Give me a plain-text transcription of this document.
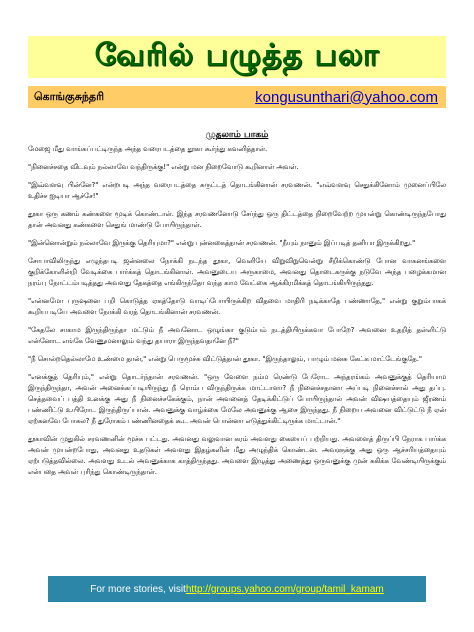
வேரில் பழுத்த பலா
கொங்குசுந்தரி	kongusunthari@yahoo.com
முதலாம் பாகம்

மேஜை மீது வாங்கப்பட்டிருந்த அந்த வரைபடத்தை தூகா கூர்ந்து கவனித்தாள்.

"நினைச்சதை விடவும் நல்லாவே வந்திருக்கு!" என்று மன நிறைவோடு கூறினாள் அவள்.

"இவ்வளவு பின்னே?" என்றபடி அந்த வரைபடத்தை சுருட்டத் தொடங்கினான் சரவணன். "எவ்வளவு செதுக்கினோம் முனைப்பிலே உதிச்ச ஐடியா ஆச்சே!"

தூகா ஒரு கணம் கண்களை மூடிக் கொண்டாள். இந்த சரவணனோடு சேர்ந்து ஒரு திட்டத்தை நிறைவேற்ற முயன்று கொண்டிருந்தபோது தான் அவனது கண்களை செதுங் மாண்டு போயிருந்தாள்.

"இன்னொன்றும் நல்லாவே இருக்கு தெரியுமா?" என்று புன்னகைத்தான் சரவணன். "நீயும் நானும் இப்படித் தனியா இருக்கிறது."

சோபாவிலிருந்து எழுந்தபடி ஜன்னலை நோக்கி நடந்த தூகா, வெளியே விறுவிறுவென்று சீறிக்கொண்டு போன வாகனங்களை குறிக்கோளின்றி வேடிக்கை பார்க்கத் தொடங்கினாள். அவனுடைய அருகாமை, அவனது தொடைகருக்கு நடுவே அந்த பழைக்கமான நரம்பு நோட்டம்படித்தது அவளது தேகத்தை எங்கிருந்தோ வந்த காம வேட்கை ஆக்கிரமிக்கத் தொடங்கியிருந்தது.

"என்னமோ புருஷனை பறி கொடுத்த ஏகத்தோடு வாடிப்போயிருக்கிற விதவை மாதிரி நடிக்காதே பண்ணாதே," என்று குறும்பாகக் கூறியபடியே அவளை நோக்கி வரத் தொடங்கினான் சரவணன்.

"கேதலே சாகாம இருந்திருந்தா மட்டும் நீ அவனோட ஒழுங்கா குடும்பம் நடத்தியிருக்கவா போறே? அவனை உதறித் தள்ளிட்டு என்னோட எங்கே வேணுமனாலும் வந்து தயாரா இருந்தவதானே நீ?"

"நீ சொல்றதெல்லாமே உண்மை தான்," என்று பெருமூச்சு விட்டுத்தான் தூகா. "இருந்தாலும், பாழும் மனசு கேட்க மாட்டேங்குதே."

"எனக்குத் தெரியும்," என்று தொடர்ந்தான் சரவணன். "ஒரு வேளை நம்ம ரெண்டு பேரோட அந்தரங்கம் அவனுக்குத் தெரியாம இருந்திருந்தா, அவன் அனைக்கப்படியிருந்து நீ ரொம்ப விருந்திருக்க மாட்டாளா? நீ நினைச்சதானா அப்படி நினைச்சால் அது தப்பு. செத்தவைப் பத்தி உனக்கு அது நீ நினைச்சகேக்கும், நான் அவனைத் தேடிக்கிட்டுப் போயிருந்தால் அவன் விஷயத்தையும் ஜீரணம் பண்ணிட்டு உயிரோட இருந்திருப்பான். அவனுக்கு வாழ்க்கை மேலே அவனுக்கு ஆசை இருந்தது. நீ நிறைய அவனை விட்டுட்டு நீ ஏன் ஏற்கனவே போகல? நீ துரோகம் பண்ணினதைக் கூட அவன் பொன்னா எடுத்துக்கிட்டிருக்க மாட்டான்."

தூகாவின் முதுகில் சரவணனின் மூச்சு பட்டது. அவனது வலுவான கரம் அவளது கையைப் பற்றியது. அவளைத் திருப்பி நேராக பார்க்க அவன் முயன்றபோது, அவனது உதடுகள் அவளது இதழ்களின் மீது அழுந்திக் கொண்டன. அவளுக்கு அது ஒரு ஆச்சரியத்தையும் ஏற்படுத்தவில்லை. அவளது உடல் அவனுக்காக காத்திருந்தது. அவளை இழுத்து அணைத்து ஒருவனுக்கு முன் சுகிக்க வேண்டியிருக்கும் என்பதை அவள் புரிந்து கொண்டிருந்தாள்.

For more stories, visit http://groups.yahoo.com/group/tamil_kamam
